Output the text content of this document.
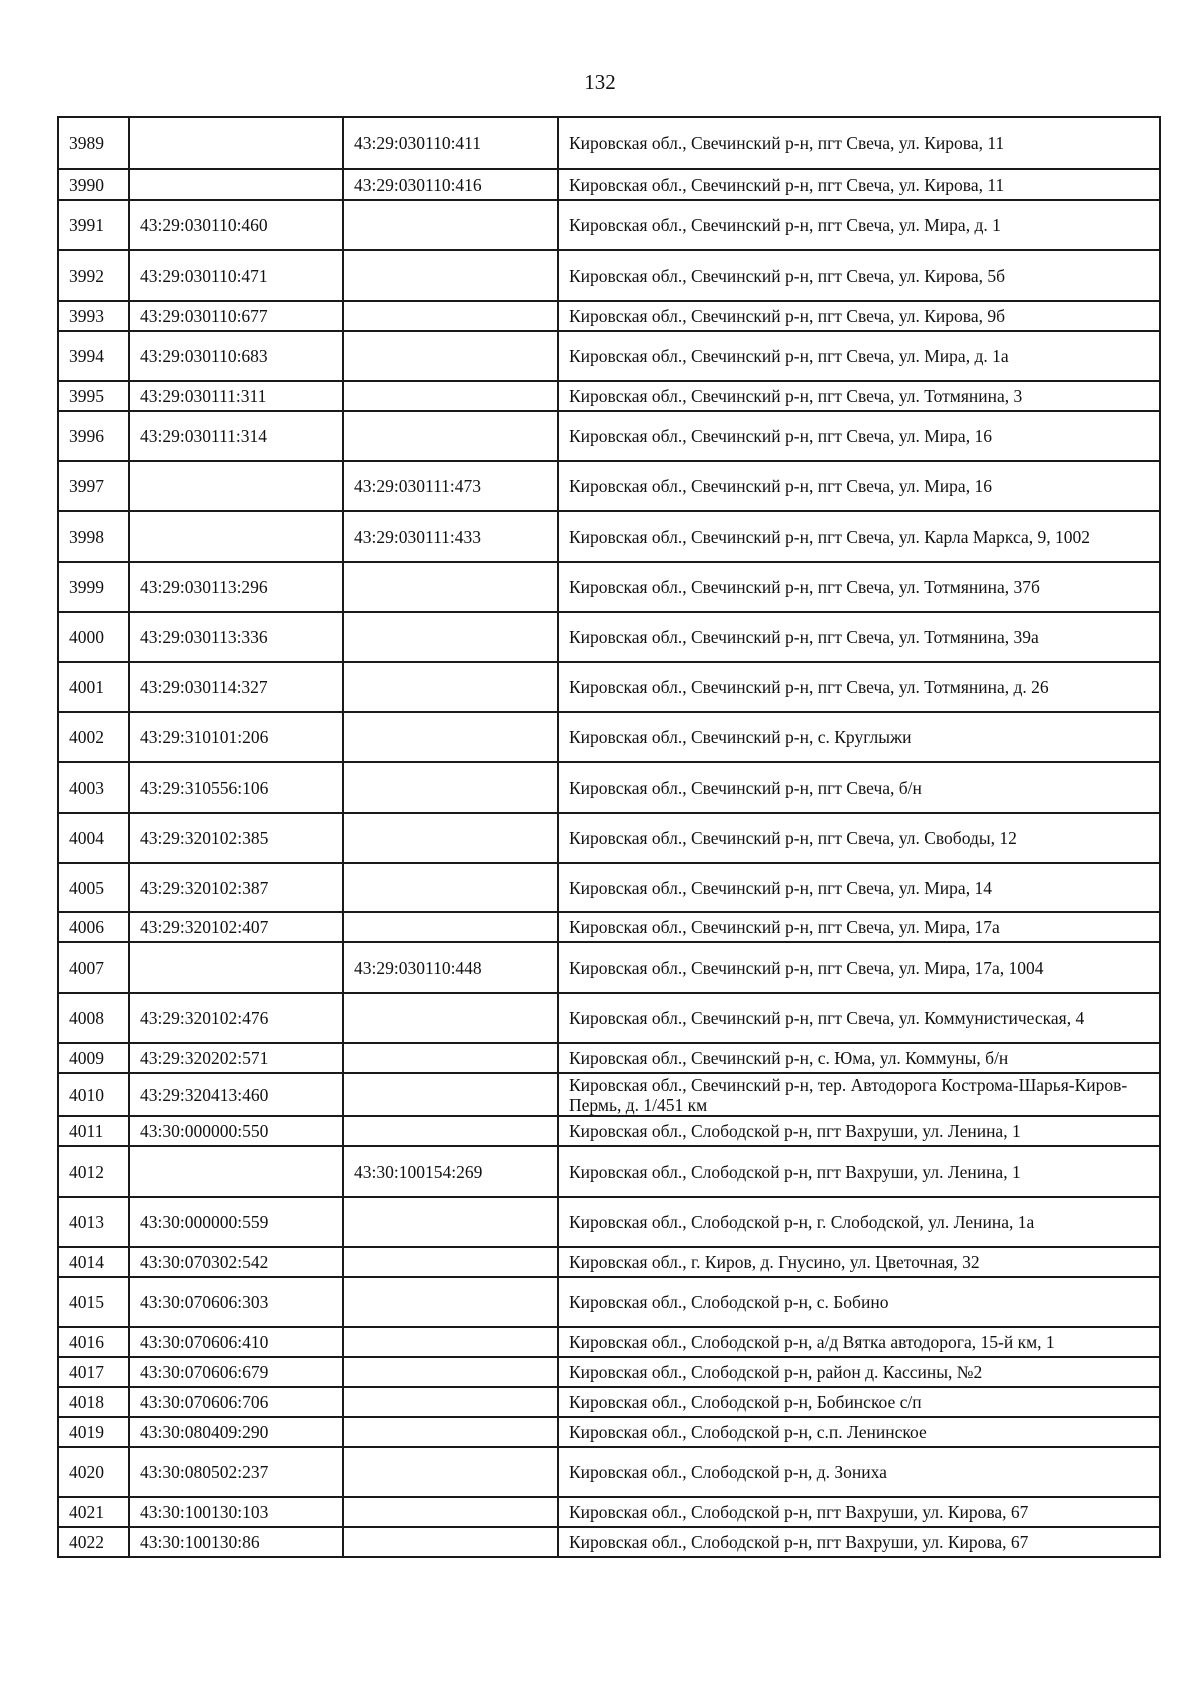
132
3989		43:29:030110:411	Кировская обл., Свечинский р-н, пгт Свеча, ул. Кирова, 11
3990		43:29:030110:416	Кировская обл., Свечинский р-н, пгт Свеча, ул. Кирова, 11
3991	43:29:030110:460		Кировская обл., Свечинский р-н, пгт Свеча, ул. Мира, д. 1
3992	43:29:030110:471		Кировская обл., Свечинский р-н, пгт Свеча, ул. Кирова, 5б
3993	43:29:030110:677		Кировская обл., Свечинский р-н, пгт Свеча, ул. Кирова, 9б
3994	43:29:030110:683		Кировская обл., Свечинский р-н, пгт Свеча, ул. Мира, д. 1а
3995	43:29:030111:311		Кировская обл., Свечинский р-н, пгт Свеча, ул. Тотмянина, 3
3996	43:29:030111:314		Кировская обл., Свечинский р-н, пгт Свеча, ул. Мира, 16
3997		43:29:030111:473	Кировская обл., Свечинский р-н, пгт Свеча, ул. Мира, 16
3998		43:29:030111:433	Кировская обл., Свечинский р-н, пгт Свеча, ул. Карла Маркса, 9, 1002
3999	43:29:030113:296		Кировская обл., Свечинский р-н, пгт Свеча, ул. Тотмянина, 37б
4000	43:29:030113:336		Кировская обл., Свечинский р-н, пгт Свеча, ул. Тотмянина, 39а
4001	43:29:030114:327		Кировская обл., Свечинский р-н, пгт Свеча, ул. Тотмянина, д. 26
4002	43:29:310101:206		Кировская обл., Свечинский р-н, с. Круглыжи
4003	43:29:310556:106		Кировская обл., Свечинский р-н, пгт Свеча, б/н
4004	43:29:320102:385		Кировская обл., Свечинский р-н, пгт Свеча, ул. Свободы, 12
4005	43:29:320102:387		Кировская обл., Свечинский р-н, пгт Свеча, ул. Мира, 14
4006	43:29:320102:407		Кировская обл., Свечинский р-н, пгт Свеча, ул. Мира, 17а
4007		43:29:030110:448	Кировская обл., Свечинский р-н, пгт Свеча, ул. Мира, 17а, 1004
4008	43:29:320102:476		Кировская обл., Свечинский р-н, пгт Свеча, ул. Коммунистическая, 4
4009	43:29:320202:571		Кировская обл., Свечинский р-н, с. Юма, ул. Коммуны, б/н
4010	43:29:320413:460		Кировская обл., Свечинский р-н, тер. Автодорога Кострома-Шарья-Киров-Пермь, д. 1/451 км
4011	43:30:000000:550		Кировская обл., Слободской р-н, пгт Вахруши, ул. Ленина, 1
4012		43:30:100154:269	Кировская обл., Слободской р-н, пгт Вахруши, ул. Ленина, 1
4013	43:30:000000:559		Кировская обл., Слободской р-н, г. Слободской, ул. Ленина, 1а
4014	43:30:070302:542		Кировская обл., г. Киров, д. Гнусино, ул. Цветочная, 32
4015	43:30:070606:303		Кировская обл., Слободской р-н, с. Бобино
4016	43:30:070606:410		Кировская обл., Слободской р-н, а/д Вятка автодорога, 15-й км, 1
4017	43:30:070606:679		Кировская обл., Слободской р-н, район д. Кассины, №2
4018	43:30:070606:706		Кировская обл., Слободской р-н, Бобинское с/п
4019	43:30:080409:290		Кировская обл., Слободской р-н, с.п. Ленинское
4020	43:30:080502:237		Кировская обл., Слободской р-н, д. Зониха
4021	43:30:100130:103		Кировская обл., Слободской р-н, пгт Вахруши, ул. Кирова, 67
4022	43:30:100130:86		Кировская обл., Слободской р-н, пгт Вахруши, ул. Кирова, 67
